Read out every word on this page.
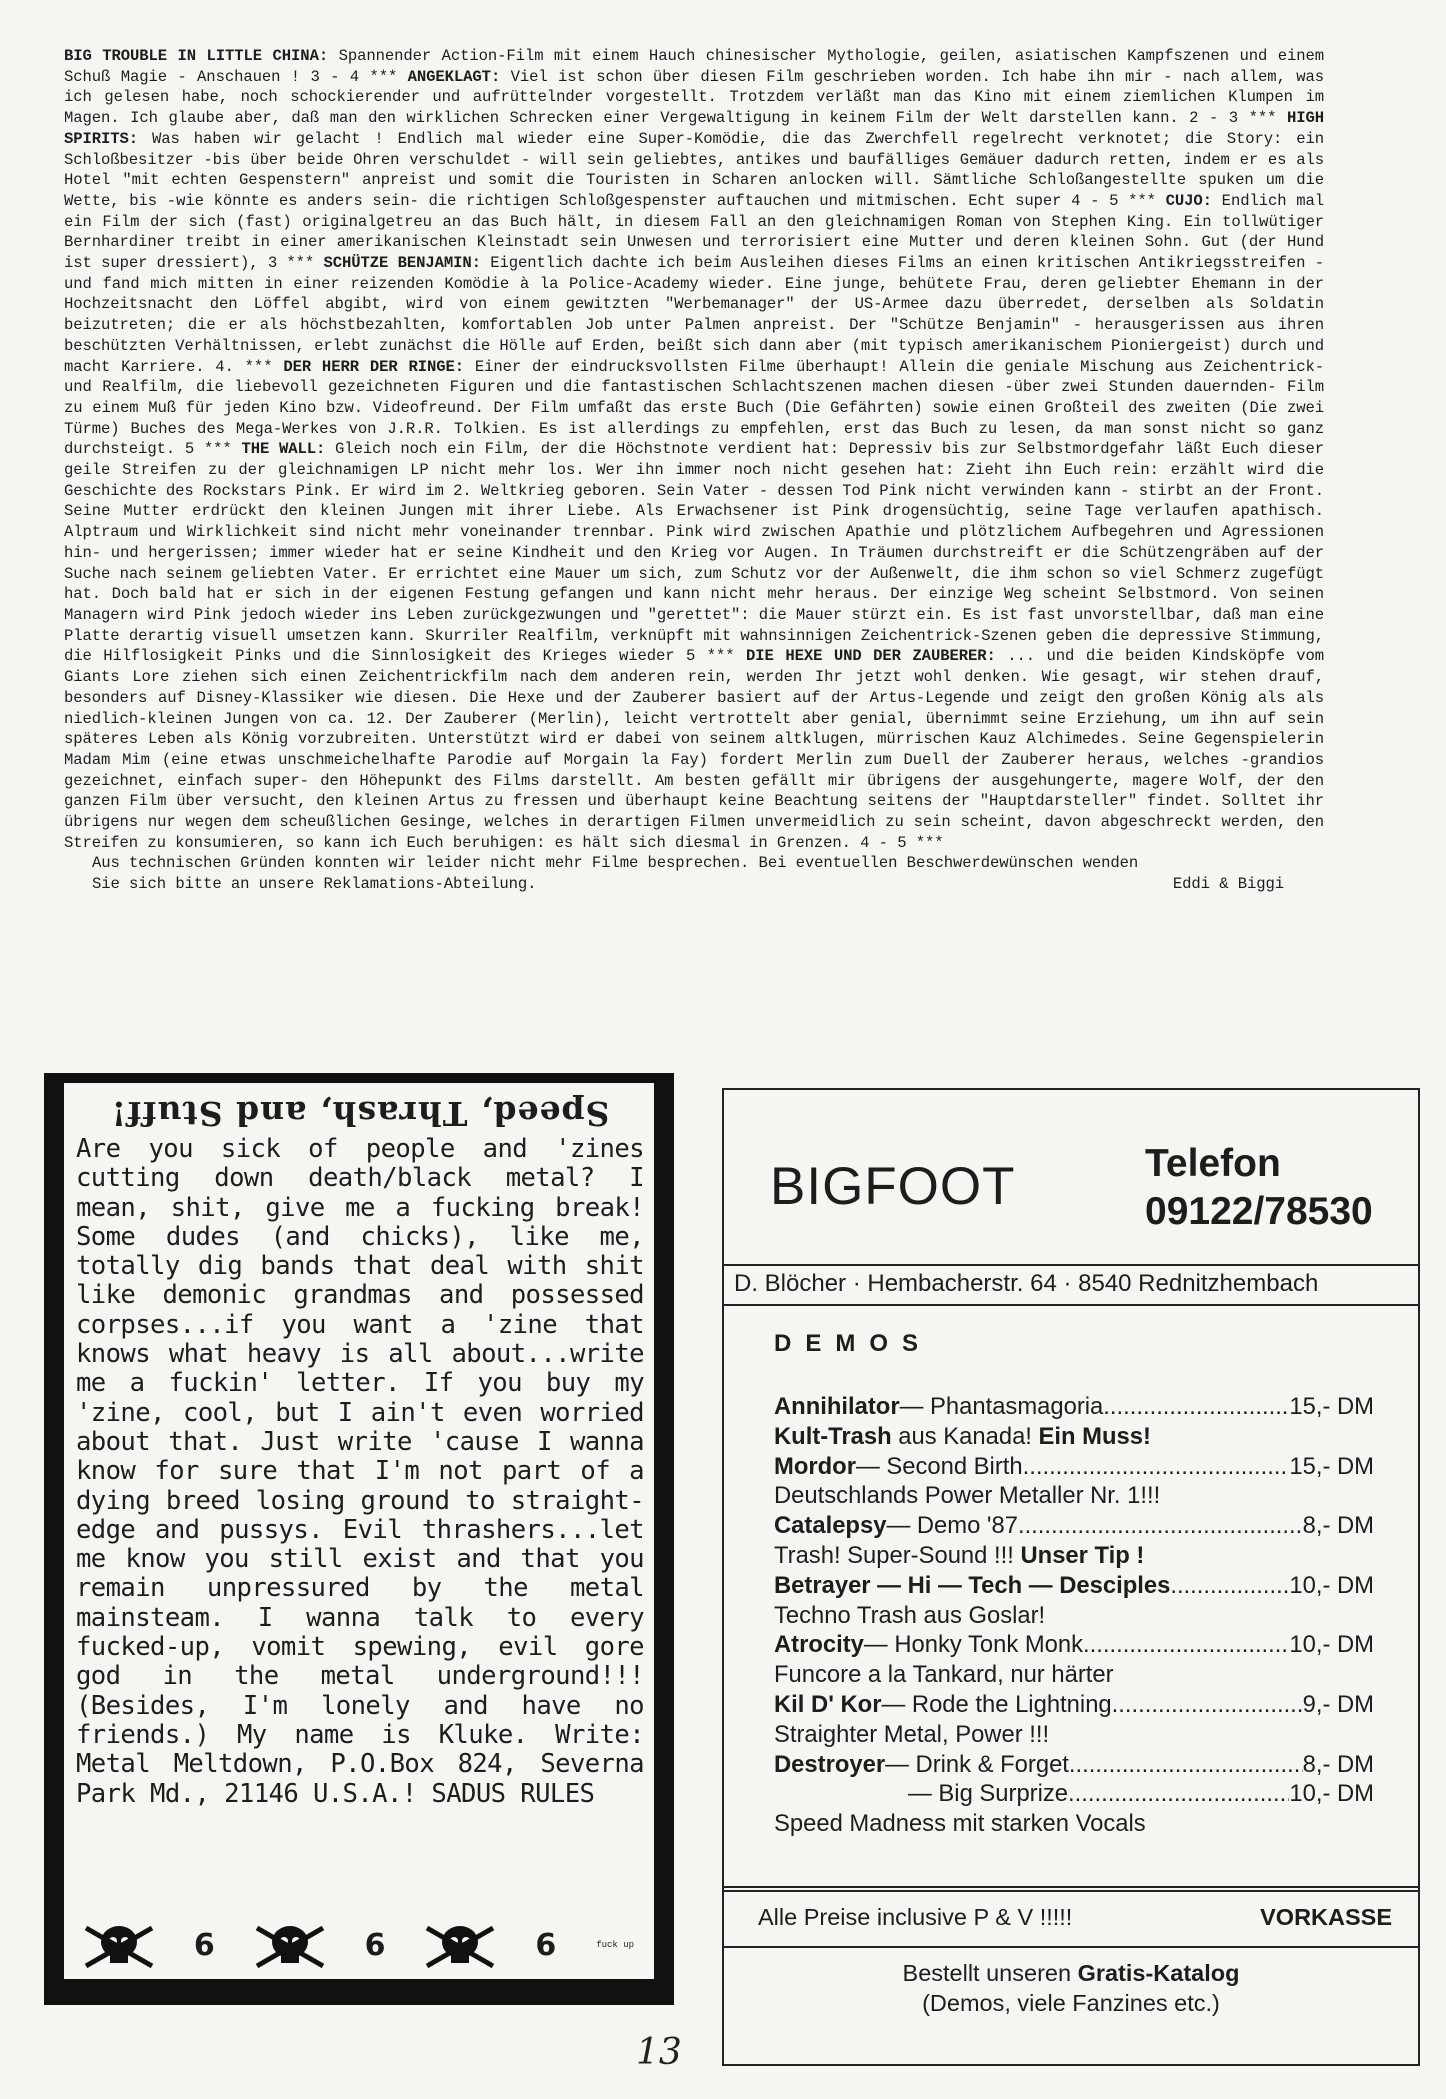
BIG TROUBLE IN LITTLE CHINA: Spannender Action-Film mit einem Hauch chinesischer Mythologie, geilen, asiatischen Kampfszenen und einem Schuß Magie - Anschauen ! 3 - 4 *** ANGEKLAGT: Viel ist schon über diesen Film geschrieben worden. Ich habe ihn mir - nach allem, was ich gelesen habe, noch schockierender und aufrüttelnder vorgestellt. Trotzdem verläßt man das Kino mit einem ziemlichen Klumpen im Magen. Ich glaube aber, daß man den wirklichen Schrecken einer Vergewaltigung in keinem Film der Welt darstellen kann. 2 - 3 *** HIGH SPIRITS: Was haben wir gelacht ! Endlich mal wieder eine Super-Komödie, die das Zwerchfell regelrecht verknotet; die Story: ein Schloßbesitzer -bis über beide Ohren verschuldet - will sein geliebtes, antikes und baufälliges Gemäuer dadurch retten, indem er es als Hotel "mit echten Gespenstern" anpreist und somit die Touristen in Scharen anlocken will. Sämtliche Schloßangestellte spuken um die Wette, bis -wie könnte es anders sein- die richtigen Schloßgespenster auftauchen und mitmischen. Echt super 4 - 5 *** CUJO: Endlich mal ein Film der sich (fast) originalgetreu an das Buch hält, in diesem Fall an den gleichnamigen Roman von Stephen King. Ein tollwütiger Bernhardiner treibt in einer amerikanischen Kleinstadt sein Unwesen und terrorisiert eine Mutter und deren kleinen Sohn. Gut (der Hund ist super dressiert), 3 *** SCHÜTZE BENJAMIN: Eigentlich dachte ich beim Ausleihen dieses Films an einen kritischen Antikriegsstreifen - und fand mich mitten in einer reizenden Komödie à la Police-Academy wieder. Eine junge, behütete Frau, deren geliebter Ehemann in der Hochzeitsnacht den Löffel abgibt, wird von einem gewitzten "Werbemanager" der US-Armee dazu überredet, derselben als Soldatin beizutreten; die er als höchstbezahlten, komfortablen Job unter Palmen anpreist. Der "Schütze Benjamin" - herausgerissen aus ihren beschützten Verhältnissen, erlebt zunächst die Hölle auf Erden, beißt sich dann aber (mit typisch amerikanischem Pioniergeist) durch und macht Karriere. 4. *** DER HERR DER RINGE: Einer der eindrucksvollsten Filme überhaupt! Allein die geniale Mischung aus Zeichentrick- und Realfilm, die liebevoll gezeichneten Figuren und die fantastischen Schlachtszenen machen diesen -über zwei Stunden dauernden- Film zu einem Muß für jeden Kino bzw. Videofreund. Der Film umfaßt das erste Buch (Die Gefährten) sowie einen Großteil des zweiten (Die zwei Türme) Buches des Mega-Werkes von J.R.R. Tolkien. Es ist allerdings zu empfehlen, erst das Buch zu lesen, da man sonst nicht so ganz durchsteigt. 5 *** THE WALL: Gleich noch ein Film, der die Höchstnote verdient hat: Depressiv bis zur Selbstmordgefahr läßt Euch dieser geile Streifen zu der gleichnamigen LP nicht mehr los. Wer ihn immer noch nicht gesehen hat: Zieht ihn Euch rein: erzählt wird die Geschichte des Rockstars Pink. Er wird im 2. Weltkrieg geboren. Sein Vater - dessen Tod Pink nicht verwinden kann - stirbt an der Front. Seine Mutter erdrückt den kleinen Jungen mit ihrer Liebe. Als Erwachsener ist Pink drogensüchtig, seine Tage verlaufen apathisch. Alptraum und Wirklichkeit sind nicht mehr voneinander trennbar. Pink wird zwischen Apathie und plötzlichem Aufbegehren und Agressionen hin- und hergerissen; immer wieder hat er seine Kindheit und den Krieg vor Augen. In Träumen durchstreift er die Schützengräben auf der Suche nach seinem geliebten Vater. Er errichtet eine Mauer um sich, zum Schutz vor der Außenwelt, die ihm schon so viel Schmerz zugefügt hat. Doch bald hat er sich in der eigenen Festung gefangen und kann nicht mehr heraus. Der einzige Weg scheint Selbstmord. Von seinen Managern wird Pink jedoch wieder ins Leben zurückgezwungen und "gerettet": die Mauer stürzt ein. Es ist fast unvorstellbar, daß man eine Platte derartig visuell umsetzen kann. Skurriler Realfilm, verknüpft mit wahnsinnigen Zeichentrick-Szenen geben die depressive Stimmung, die Hilflosigkeit Pinks und die Sinnlosigkeit des Krieges wieder 5 *** DIE HEXE UND DER ZAUBERER: ... und die beiden Kindsköpfe vom Giants Lore ziehen sich einen Zeichentrickfilm nach dem anderen rein, werden Ihr jetzt wohl denken. Wie gesagt, wir stehen drauf, besonders auf Disney-Klassiker wie diesen. Die Hexe und der Zauberer basiert auf der Artus-Legende und zeigt den großen König als als niedlich-kleinen Jungen von ca. 12. Der Zauberer (Merlin), leicht vertrottelt aber genial, übernimmt seine Erziehung, um ihn auf sein späteres Leben als König vorzubreiten. Unterstützt wird er dabei von seinem altklugen, mürrischen Kauz Alchimedes. Seine Gegenspielerin Madam Mim (eine etwas unschmeichelhafte Parodie auf Morgain la Fay) fordert Merlin zum Duell der Zauberer heraus, welches -grandios gezeichnet, einfach super- den Höhepunkt des Films darstellt. Am besten gefällt mir übrigens der ausgehungerte, magere Wolf, der den ganzen Film über versucht, den kleinen Artus zu fressen und überhaupt keine Beachtung seitens der "Hauptdarsteller" findet. Solltet ihr übrigens nur wegen dem scheußlichen Gesinge, welches in derartigen Filmen unvermeidlich zu sein scheint, davon abgeschreckt werden, den Streifen zu konsumieren, so kann ich Euch beruhigen: es hält sich diesmal in Grenzen. 4 - 5 ***
Aus technischen Gründen konnten wir leider nicht mehr Filme besprechen. Bei eventuellen Beschwerdewünschen wenden
Sie sich bitte an unsere Reklamations-Abteilung.	Eddi & Biggi
Speed, Thrash, and Stuff!
Are you sick of people and 'zines cutting down death/black metal? I mean, shit, give me a fucking break! Some dudes (and chicks), like me, totally dig bands that deal with shit like demonic grandmas and possessed corpses...if you want a 'zine that knows what heavy is all about...write me a fuckin' letter. If you buy my 'zine, cool, but I ain't even worried about that. Just write 'cause I wanna know for sure that I'm not part of a dying breed losing ground to straight-edge and pussys. Evil thrashers...let me know you still exist and that you remain unpressured by the metal mainsteam. I wanna talk to every fucked-up, vomit spewing, evil gore god in the metal underground!!! (Besides, I'm lonely and have no friends.) My name is Kluke. Write: Metal Meltdown, P.O.Box 824, Severna Park Md., 21146 U.S.A.! SADUS RULES
6	6	6	fuck up
BIGFOOT	Telefon
09122/78530
D. Blöcher · Hembacherstr. 64 · 8540 Rednitzhembach
DEMOS
Annihilator — Phantasmagoria .....	15,- DM
Kult-Trash aus Kanada! Ein Muss!
Mordor — Second Birth .....	15,- DM
Deutschlands Power Metaller Nr. 1!!!
Catalepsy — Demo '87 .....	8,- DM
Trash! Super-Sound !!! Unser Tip !
Betrayer — Hi — Tech — Desciples .....	10,- DM
Techno Trash aus Goslar!
Atrocity — Honky Tonk Monk .....	10,- DM
Funcore a la Tankard, nur härter
Kil D' Kor — Rode the Lightning .....	9,- DM
Straighter Metal, Power !!!
Destroyer — Drink & Forget .....	8,- DM
— Big Surprize .....	10,- DM
Speed Madness mit starken Vocals
Alle Preise inclusive P & V !!!!!	VORKASSE
Bestellt unseren Gratis-Katalog
(Demos, viele Fanzines etc.)
13
